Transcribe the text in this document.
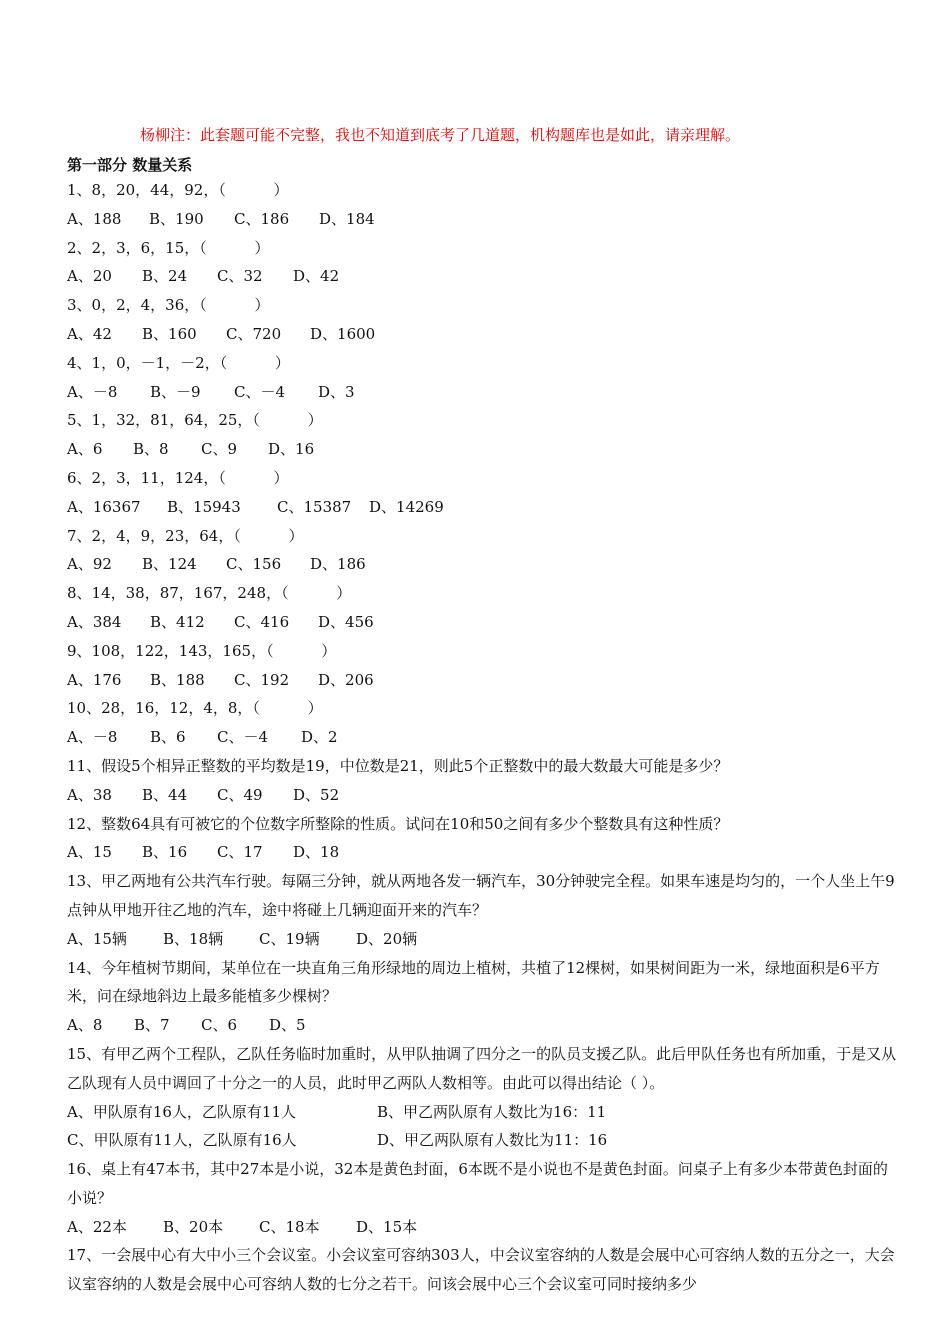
杨柳注：此套题可能不完整，我也不知道到底考了几道题，机构题库也是如此，请亲理解。
第一部分 数量关系
1、8，20，44，92，（          ）
A、188	B、190	C、186	D、184
2、2，3，6，15，（          ）
A、20	B、24	C、32	D、42
3、0，2，4，36，（          ）
A、42	B、160	C、720	D、1600
4、1，0，－1，－2，（          ）
A、－8	B、－9	C、－4	D、3
5、1，32，81，64，25，（          ）
A、6	B、8	C、9	D、16
6、2，3，11，124，（          ）
A、16367	B、15943	C、15387	D、14269
7、2，4，9，23，64，（          ）
A、92	B、124	C、156	D、186
8、14，38，87，167，248，（          ）
A、384	B、412	C、416	D、456
9、108，122，143，165，（          ）
A、176	B、188	C、192	D、206
10、28，16，12，4，8，（          ）
A、－8	B、6	C、－4	D、2
11、假设5个相异正整数的平均数是19，中位数是21，则此5个正整数中的最大数最大可能是多少？
A、38	B、44	C、49	D、52
12、整数64具有可被它的个位数字所整除的性质。试问在10和50之间有多少个整数具有这种性质？
A、15	B、16	C、17	D、18
13、甲乙两地有公共汽车行驶。每隔三分钟，就从两地各发一辆汽车，30分钟驶完全程。如果车速是均匀的，一个人坐上午9点钟从甲地开往乙地的汽车，途中将碰上几辆迎面开来的汽车？
A、15辆	B、18辆	C、19辆	D、20辆
14、今年植树节期间，某单位在一块直角三角形绿地的周边上植树，共植了12棵树，如果树间距为一米，绿地面积是6平方米，问在绿地斜边上最多能植多少棵树？
A、8	B、7	C、6	D、5
15、有甲乙两个工程队，乙队任务临时加重时，从甲队抽调了四分之一的队员支援乙队。此后甲队任务也有所加重，于是又从乙队现有人员中调回了十分之一的人员，此时甲乙两队人数相等。由此可以得出结论（ ）。
A、甲队原有16人，乙队原有11人	B、甲乙两队原有人数比为16：11
C、甲队原有11人，乙队原有16人	D、甲乙两队原有人数比为11：16
16、桌上有47本书，其中27本是小说，32本是黄色封面，6本既不是小说也不是黄色封面。问桌子上有多少本带黄色封面的小说？
A、22本	B、20本	C、18本	D、15本
17、一会展中心有大中小三个会议室。小会议室可容纳303人，中会议室容纳的人数是会展中心可容纳人数的五分之一，大会议室容纳的人数是会展中心可容纳人数的七分之若干。问该会展中心三个会议室可同时接纳多少
